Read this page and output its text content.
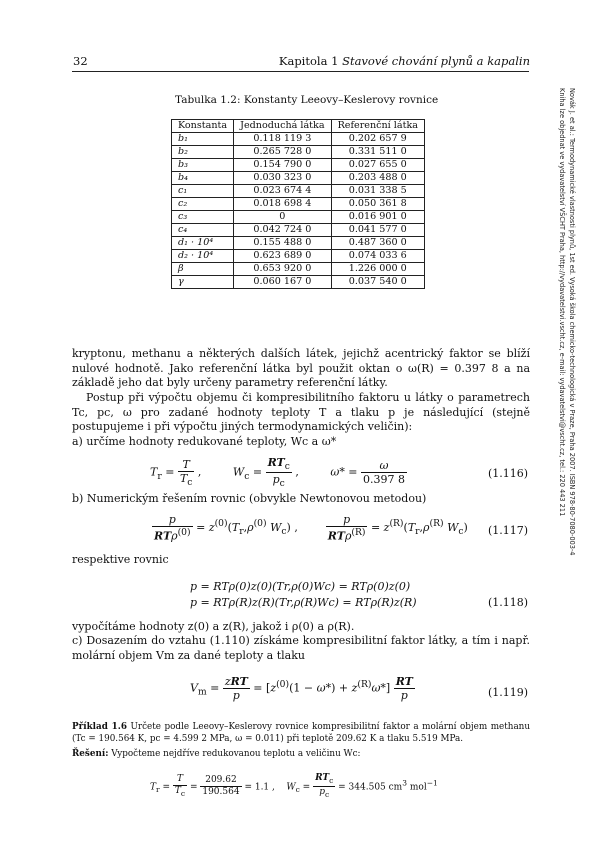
32	Kapitola 1 Stavové chování plynů a kapalin
Tabulka 1.2: Konstanty Leeovy–Keslerovy rovnice
Konstanta	Jednoduchá látka	Referenční látka
b₁	0.118 119 3	0.202 657 9
b₂	0.265 728 0	0.331 511 0
b₃	0.154 790 0	0.027 655 0
b₄	0.030 323 0	0.203 488 0
c₁	0.023 674 4	0.031 338 5
c₂	0.018 698 4	0.050 361 8
c₃	0	0.016 901 0
c₄	0.042 724 0	0.041 577 0
d₁ · 10⁴	0.155 488 0	0.487 360 0
d₂ · 10⁴	0.623 689 0	0.074 033 6
β	0.653 920 0	1.226 000 0
γ	0.060 167 0	0.037 540 0	Novák J. et al.: Termodynamické vlastnosti plynů, 1st ed. Vysoká škola chemicko-technologická v Praze, Praha 2007. ISBN 978-80-7080-003-4
Kniha lze objednat ve vydavatelství VŠCHT Praha, http://vydavatelstvi.vscht.cz, e-mail: vydavatelstvi@vscht.cz, tel.: 220 443 211
kryptonu, methanu a některých dalších látek, jejichž acentrický faktor se blíží nulové hodnotě. Jako referenční látka byl použit oktan o ω(R) = 0.397 8 a na základě jeho dat byly určeny parametry referenční látky.
Postup při výpočtu objemu či kompresibilitního faktoru u látky o parametrech Tc, pc, ω pro zadané hodnoty teploty T a tlaku p je následující (stejně postupujeme i při výpočtu jiných termodynamických veličin):
a) určíme hodnoty redukované teploty, Wc a ω*
$T_r = \frac{T}{T_c}$ ,         $W_c = \frac{RT_c}{p_c}$ ,         $\omega* = \frac{\omega}{0.397 8}$	(1.116)
b) Numerickým řešením rovnic (obvykle Newtonovou metodou)
$\frac{p}{RT\rho^{(0)}} = z^{(0)}(T_r,\rho^{(0)}$ $W_c$) , $\frac{p}{RT\rho^{(R)}} = z^{(R)}(T_r,\rho^{(R)}$ $W_c$) (1.117)
respektive rovnic
p = RTρ(0)z(0)(Tr,ρ(0)Wc) = RTρ(0)z(0)
p = RTρ(R)z(R)(Tr,ρ(R)Wc) = RTρ(R)z(R)	(1.118)
vypočítáme hodnoty z(0) a z(R), jakož i ρ(0) a ρ(R).
c) Dosazením do vztahu (1.110) získáme kompresibilitní faktor látky, a tím i např. molární objem Vm za dané teploty a tlaku
$V_m = \frac{\text{zRT}}{p} = [z^{(0)}(1 - \omega*) + z^{(R)}\omega*] \frac{RT}{p}$	(1.119)
Příklad 1.6 Určete podle Leeovy–Keslerovy rovnice kompresibilitní faktor a molární objem methanu (Tc = 190.564 K, pc = 4.599 2 MPa, ω = 0.011) při teplotě 209.62 K a tlaku 5.519 MPa.
Řešení: Vypočteme nejdříve redukovanou teplotu a veličinu Wc:
$T_r = \frac{T}{T_c} = \frac{209.62}{190.564} = 1.1$ ,    $W_c = \frac{RT_c}{p_c} = 344.505$ $cm^3$ mol$^{-1}$
